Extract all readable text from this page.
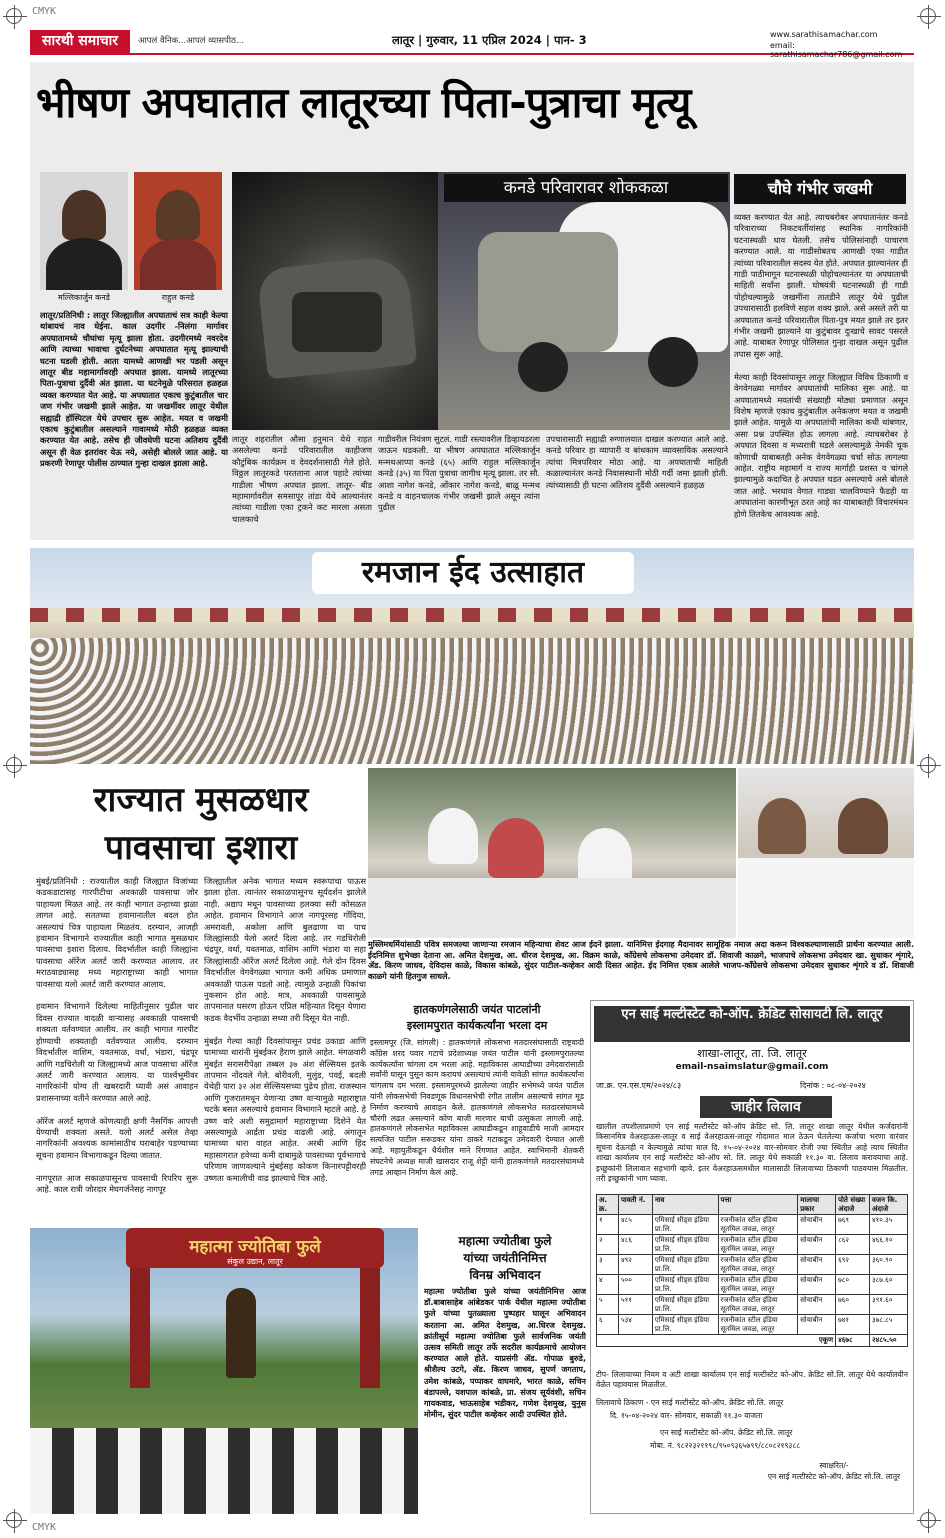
CMYK
CMYK
सारथी समाचार	आपलं वैनिक...आपलं व्यासपीठ...	लातूर | गुरुवार, 11 एप्रिल 2024 | पान- 3	www.sarathisamachar.com
email: sarathisamachar786@gmail.com
भीषण अपघातात लातूरच्या पिता-पुत्राचा मृत्यू
मल्लिकार्जुन कनडे	राहुल कनडे
कनडे परिवारावर शोककळा	चौघे गंभीर जखमी
लातूर/प्रतिनिधी : लातूर जिल्ह्यातील अपघाताचं सत्र काही केल्या थांबायचं नाव घेईना. काल उदगीर -निलंगा मार्गावर अपघातामध्ये चौघांचा मृत्यू झाला होता. उदगीरमध्ये नवरदेव आणि त्याच्या भावाचा दुर्घटनेच्या अपघातात मृत्यू झाल्याची घटना घडली होती. आता यामध्ये आणखी भर पडली असून लातूर बीड महामार्गावरही अपघात झाला. यामध्ये लातूरच्या पिता-पुत्राचा दुर्दैवी अंत झाला. या घटनेमुळे परिसरात हळहळ व्यक्त करण्यात येत आहे. या अपघातात एकाच कुटुंबातील चार जण गंभीर जखमी झाले आहेत. या जखमींवर लातूर येथील सह्याद्री हॉस्पिटल येथे उपचार सुरू आहेत. मयत व जखमी एकाच कुटुंबातील असल्याने गावामध्ये मोठी हळहळ व्यक्त करण्यात येत आहे. तसेच ही जीवघेणी घटना अतिशय दुर्दैवी असून ही वेळ इतरांवर येऊ नये, असेही बोलले जात आहे. या प्रकरणी रेणापूर पोलीस ठाण्यात गुन्हा दाखल झाला आहे.
लातूर शहरातील औसा हनुमान येथे राहत असलेल्या कनडे परिवारातील काहीजण कौटुंबिक कार्यक्रम व देवदर्शनासाठी गेले होते. विठ्ठल लातूरकडे परतताना आज पहाटे त्यांच्या गाडीला भीषण अपघात झाला. लातूर- बीड महामार्गावरील समसापूर तांडा येथे आल्यानंतर त्यांच्या गाडीला एका ट्रकने कट मारला असता चालकाचे
गाडीवरील नियंत्रण सुटलं. गाडी रस्त्यावरील डिव्हायडरला जाऊन धडकली. या भीषण अपघातात मल्लिकार्जुन मन्मथआप्पा कनडे (६५) आणि राहुल मल्लिकार्जुन कनडे (३५) या पिता पुत्राचा जागीच मृत्यू झाला. तर सौ. आशा नागेश कनडे, ओंकार नागेश कनडे, बाळू मन्मथ कनडे व वाहनचालक गंभीर जखमी झाले असून त्यांना पुढील
उपचारासाठी सह्याद्री रुग्णालयात दाखल करण्यात आले आहे. कनडे परिवार हा व्यापारी व बांधकाम व्यावसायिक असल्याने त्यांचा मित्रपरिवार मोठा आहे. या अपघाताची माहिती कळाल्यानंतर कनडे निवासस्थानी मोठी गर्दी जमा झाली होती. त्यांच्यासाठी ही घटना अतिशय दुर्दैवी असल्याने हळहळ
व्यक्त करण्यात येत आहे. त्याचबरोबर अपघातानंतर कनडे परिवाराच्या निकटवर्तीयांसह स्थानिक नागरिकांनी घटनास्थळी धाव घेतली. तसेच पोलिसांनाही पाचारण करण्यात आले. या गाडीसोबतच आणखी एका गाडीत त्यांच्या परिवारातील सदस्य येत होते. अपघात झाल्यानंतर ही गाडी पाठीमागून घटनास्थळी पोहोचल्यानंतर या अपघाताची माहिती सर्वांना झाली. घोषयंत्री घटनास्थळी ही गाडी पोहोचल्यामुळे जखमींना तातडीने लातूर येथे पुढील उपचारासाठी हलविणे सहज शक्य झाले. असे असले तरी या अपघातात कनडे परिवारातील पिता-पुत्र मयत झाले तर इतर गंभीर जखमी झाल्याने या कुटुंबावर दुःखाचे सावट पसरले आहे. याबाबत रेणापूर पोलिसात गुन्हा दाखल असून पुढील तपास सुरू आहे.

मेल्या काही दिवसांपासून लातूर जिल्ह्यात विविध ठिकाणी व वेगवेगळ्या मार्गावर अपघातांची मालिका सुरू आहे. या अपघातामध्ये मयतांची संख्याही मोठ्या प्रमाणात असून विशेष म्हणजे एकाच कुटुंबातील अनेकजण मयत व जखमी झाले आहेत. यामुळे या अपघातांची मालिका कधी थांबणार, असा प्रश्न उपस्थित होऊ लागला आहे. त्याचबरोबर हे अपघात दिवसा व मध्यरात्री घडले असल्यामुळे नेमकी चूक कोणाची याबाबतही अनेक वेगवेगळ्या चर्चा सोऊ लागल्या आहेत. राष्ट्रीय महामार्ग व राज्य मार्गाही प्रशस्त व चांगले झाल्यामुळे कदाचित हे अपघात घडत असल्याचे असे बोलले जात आहे. भरधाव वेगात गाड्या चालविण्याने फैडही या अपघातांना कारणीभूत ठरत आहे का याबाबतही विचारमंथन होणे तितकेच आवश्यक आहे.
रमजान ईद उत्साहात
मुस्लिमधर्मियांसाठी पवित्र समजल्या जाणाऱ्या रमजान महिन्याचा शेवट आज ईदने झाला. यानिमित्त ईदगाह मैदानावर सामूहिक नमाज अदा करून विश्वकल्याणासाठी प्रार्थना करण्यात आली. ईदनिमित्त शुभेच्छा देताना आ. अमित देशमुख, आ. धीरज देशमुख, आ. विक्रम काळे, काँग्रेसचे लोकसभा उमेदवार डॉ. शिवाजी काळगे, भाजपाचे लोकसभा उमेदवार खा. सुधाकर शृंगारे, ॲड. किरण जाधव, देविदास काळे, विकास कांबळे, सुंदर पाटील-कव्हेकर आदी दिसत आहेत. ईद निमित्त एकत्र आलेले भाजप-काँग्रेसचे लोकसभा उमेदवार सुधाकर शृंगारे व डॉ. शिवाजी काळगे यांनी हितगुज साधले.
राज्यात मुसळधार
पावसाचा इशारा
मुंबई/प्रतिनिधी : राज्यातील काही जिल्ह्यात विजांच्या कडकडाटासह गारपीटीचा अवकाळी पावसाचा जोर पाहायला मिळत आहे. तर काही भागात उन्हाच्या झळा लागत आहे. सततच्या हवामानातील बदल होत असल्याचं चित्र पाहायला मिळतंय. दरम्यान, आजही हवामान विभागाने राज्यातील काही भागात मुसळधार पावसाचा इशारा दिलाय. विदर्भातील काही जिल्ह्यांना पावसाचा ऑरेंज अलर्ट जारी करण्यात आलाय. तर मराठवाड्यासह मध्य महाराष्ट्राच्या काही भागात पावसाचा यलो अलर्ट जारी करण्यात आलाय.

हवामान विभागाने दिलेल्या माहितीनुसार पुढील चार दिवस राज्यात वादळी वाऱ्यासह अवकाळी पावसाची शक्यता वर्तवण्यात आलीय. तर काही भागात गारपीट होण्याची शक्यताही वर्तवण्यात आलीय. दरम्यान विदर्भातील वाशिम, यवतमाळ, वर्धा, भंडारा, चंद्रपूर आणि गडचिरोली या जिल्ह्यामध्ये आज पावसाचा ऑरेंज अलर्ट जारी करण्यात आलाय. या पार्श्वभूमीवर नागरिकांनी योग्य ती खबरदारी घ्यावी असं आवाहन प्रशासनाच्या वतीने करण्यात आले आहे.

ऑरेंज अलर्ट म्हणजे कोणत्याही क्षणी नैसर्गिक आपत्ती येण्याची शक्यता असते. यलो अलर्ट असेल तेव्हा नागरिकांनी अवश्यक कामांसाठीच घराबाहेर पडण्याच्या सूचना हवामान विभागाकडून दिल्या जातात.

नागपूरात आज सकाळपासूनच पावसाची रिपरिप सुरू आहे. काल रात्री जोरदार मेघगर्जनेसह नागपूर
जिल्ह्यातील अनेक भागात मध्यम स्वरूपाचा पाऊस झाला होता. त्यानंतर सकाळपासूनच सूर्यदर्शन झालेले नाही. अद्याप मधून पावसाच्या हलक्या सरी कोसळत आहेत. हवामान विभागाने आज नागपूरसह गोंदिया, अमरावती, अकोला आणि बुलढाणा या पाच जिल्ह्यांसाठी येलो अलर्ट दिला आहे. तर गडचिरोली चंद्रपूर, वर्धा, यवतमाळ, वाशिम आणि भंडारा या सहा जिल्ह्यांसाठी ऑरेंज अलर्ट दिलेला आहे. गेले दोन दिवस विदर्भातील वेगवेगळ्या भागात कमी अधिक प्रमाणात अवकाळी पाऊस पडतो आहे. त्यामुळे उन्हाळी पिकांचा नुकसान होत आहे. मात्र, अवकाळी पावसामुळे तापमानात घसरण होऊन एप्रिल महिन्यात दिसून येणारा कडक वैदर्भीय उन्हाळा सध्या तरी दिसून येत नाही.

मुंबईत गेल्या काही दिवसांपासून प्रचंड उकाडा आणि घामाच्या धारांनी मुंबईकर हैराण झाले आहेत. मंगळवारी मुंबईत सरासरीपेक्षा तब्बल ३७ अंश सेल्सियस इतके तापमान नोंदवले गेले. बोरीवली, मुलुंड, पवई, बदली येथेही पारा ३२ अंश सेल्सियसच्या पुढेच होता. राजस्थान आणि गुजरातमधून येणाऱ्या उष्ण वाऱ्यामुळे महाराष्ट्रात चटके बसत असल्याचे हवामान विभागाने म्हटले आहे. हे उष्ण वारे अशी समुद्रामार्ग महाराष्ट्राच्या दिशेने येत असल्यामुळे आर्द्रता प्रचंड वाढली आहे. अंगातून घामाच्या धारा वाहत आहेत. अरबी आणि हिंद महासागरात हवेच्या कमी दाबामुळे पावसाच्या पूर्वभागाचे परिणाम जाणवल्याने मुंबईसह कोकण किनारपट्टीवरही उष्णता कमालीची वाढ झाल्याचे चित्र आहे.
हातकणंगलेसाठी जयंत पाटलांनी
इस्लामपुरात कार्यकर्त्यांना भरला दम
इस्लामपूर (जि. सांगली) : हातकणंगले लोकसभा मतदारसंघासाठी राष्ट्रवादी काँग्रेस शरद पवार गटाचे प्रदेशाध्यक्ष जयंत पाटील यांनी इस्लामपुरातल्या कार्यकर्त्यांना चांगला दम भरला आहे. महाविकास आघाडीच्या उमेदवारांसाठी सर्वांनी घासून पुसून काम करायचं असल्याचं त्यांनी यावेळी सांगत कार्यकर्त्यांना चांगलाच दम भरला. इस्लामपूरमध्ये झालेल्या जाहीर सभेमध्ये जयंत पाटील यांनी लोकसभेची निवडणूक विधानसभेची रंगीत तालीम असल्याचे सांगत मूड निर्माण करण्याचे आवाहन केले. हातकणंगले लोकसभेत मतदारसंघामध्ये चौरंगी लढत असल्याने कोण बाजी मारणार याची उत्सुकता लागली आहे. हातकणंगले लोकसभेत महाविकास आघाडीकडून शाहूवाडीचे माजी आमदार सत्यजित पाटील सरूडकर यांना ठाकरे गटाकडून उमेदवारी देण्यात आली आहे. महायुतीकडून धैर्यशील माने रिंगणात आहेत. स्वाभिमानी शेतकरी संघटनेचे अध्यक्ष माजी खासदार राजू शेट्टी यांनी हातकणंगले मतदारसंघामध्ये तगडं आव्हान निर्माण केलं आहे.
महात्मा ज्योतिबा फुले
संकुल उद्यान, लातूर
महात्मा ज्योतीबा फुले
यांच्या जयंतीनिमित्त
विनम्र अभिवादन
महात्मा ज्योतीबा फुले यांच्या जयंतीनिमित्त आज डॉ.बाबासाहेब आंबेडकर पार्क येथील महात्मा ज्योतीबा फुले यांच्या पुतळ्याला पुष्पहार घालून अभिवादन करताना आ. अमित देशमुख, आ.धिरज देशमुख. क्रांतीसूर्य महात्मा ज्योतिबा फुले सार्वजनिक जयंती उत्सव समिती लातूर तर्फे सदरील कार्यक्रमाचे आयोजन करण्यात आले होते. याप्रसंगी ॲड. गोपाळ बुरुडे, श्रीशैल्य उटगे, ॲड. किरण जाधव, सुपर्ण जगताप, उमेश कांबळे, पप्पाकर वाघमारे, भारत काळे, सचिन बंडापल्ले, यशपाल कांबळे, प्रा. संजय सूर्यवंशी, सचिन गायकवाड, भाऊसाहेब भडीकर, गणेश देशमुख, युनुस मोमीन, सुंदर पाटील कव्हेकर आदी उपस्थित होते.
एन साई मल्टीस्टेट को-ऑप. क्रेडिट सोसायटी लि. लातूर
शाखा-लातूर, ता. जि. लातूर
email-nsaimslatur@gmail.com
जा.क्र. एन.एस.एम/२०२४/८३	दिनांक : ०८-०४-२०२४
जाहीर लिलाव
खालील तपशीलाप्रमाणे एन साई मल्टीस्टेट को-ऑप क्रेडिट सो. लि. लातूर शाखा लातूर येथील कर्जदारांनी किसानमित्र वेअरहाऊस-लातूर व साई वेअरहाऊस-लातूर गोदामात माल ठेऊन घेतलेल्या कर्जाचा भरणा वारंवार सूचना देऊनही न केल्यामुळे त्यांचा माल दि. १५-०४-२०२४ वार-सोमवार रोजी ज्या स्थितीत आहे त्याच स्थितीत शाखा कार्यालय एन साई मल्टीस्टेट को-ऑप सो. लि. लातूर येथे सकाळी ११.३० वा. लिलाव करावयाचा आहे. इच्छुकांनी लिलावात सहभागी व्हावे. इतर वेअरहाऊसमधील मालासाठी लिलावाच्या ठिकाणी पाठवयास मिळतील. तरी इच्छुकांनी भाग घ्यावा.
अ. क्र.	पावती नं.	नाव	पत्ता	मालाचा प्रकार	पोते संख्या अंदाजे	वजन कि. अंदाजे
१	४८५	एमिसाई सीड्स इंडिया प्रा.लि.	रजनीकांत स्टील इंडिया सूतमिल जवळ, लातूर	सोयाबीन	७६९	४१०.३५
२	४८६	एमिसाई सीड्स इंडिया प्रा.लि.	रजनीकांत स्टील इंडिया सूतमिल जवळ, लातूर	सोयाबीन	८६२	४६६.१०
३	४९२	एमिसाई सीड्स इंडिया प्रा.लि.	रजनीकांत स्टील इंडिया सूतमिल जवळ, लातूर	सोयाबीन	६९२	३६०.९०
४	५००	एमिसाई सीड्स इंडिया प्रा.लि.	रजनीकांत स्टील इंडिया सूतमिल जवळ, लातूर	सोयाबीन	७८०	३८७.६०
५	५११	एमिसाई सीड्स इंडिया प्रा.लि.	रजनीकांत स्टील इंडिया सूतमिल जवळ, लातूर	सोयाबीन	७६०	३९१.६०
६	५३४	एमिसाई सीड्स इंडिया प्रा.लि.	रजनीकांत स्टील इंडिया सूतमिल जवळ, लातूर	सोयाबीन	७४१	३७८.८५
एकूण					४६७८	२४८५.५०
टीप- लिलावाच्या नियम व अटी शाखा कार्यालय एन साई मल्टीस्टेट को-ऑप. क्रेडिट सो.लि. लातूर येथे कार्यालयीन वेळेत पहावयास मिळतील.
लिलावाचे ठिकाण - एन साई मल्टीस्टेट को-ऑप. क्रेडिट सो.लि. लातूर
दि. १५-०४-२०२४ वार- सोमवार, सकाळी ११.३० वाजता
एन साई मल्टीस्टेट को-ऑप. क्रेडिट सो.लि. लातूर
मोबा. नं. ९८२२३२११९८/९५०९३६५७९९/८८०८२१९३८८
स्वाक्षरित/-
एन साई मल्टीस्टेट को-ऑप. क्रेडिट सो.लि. लातूर
